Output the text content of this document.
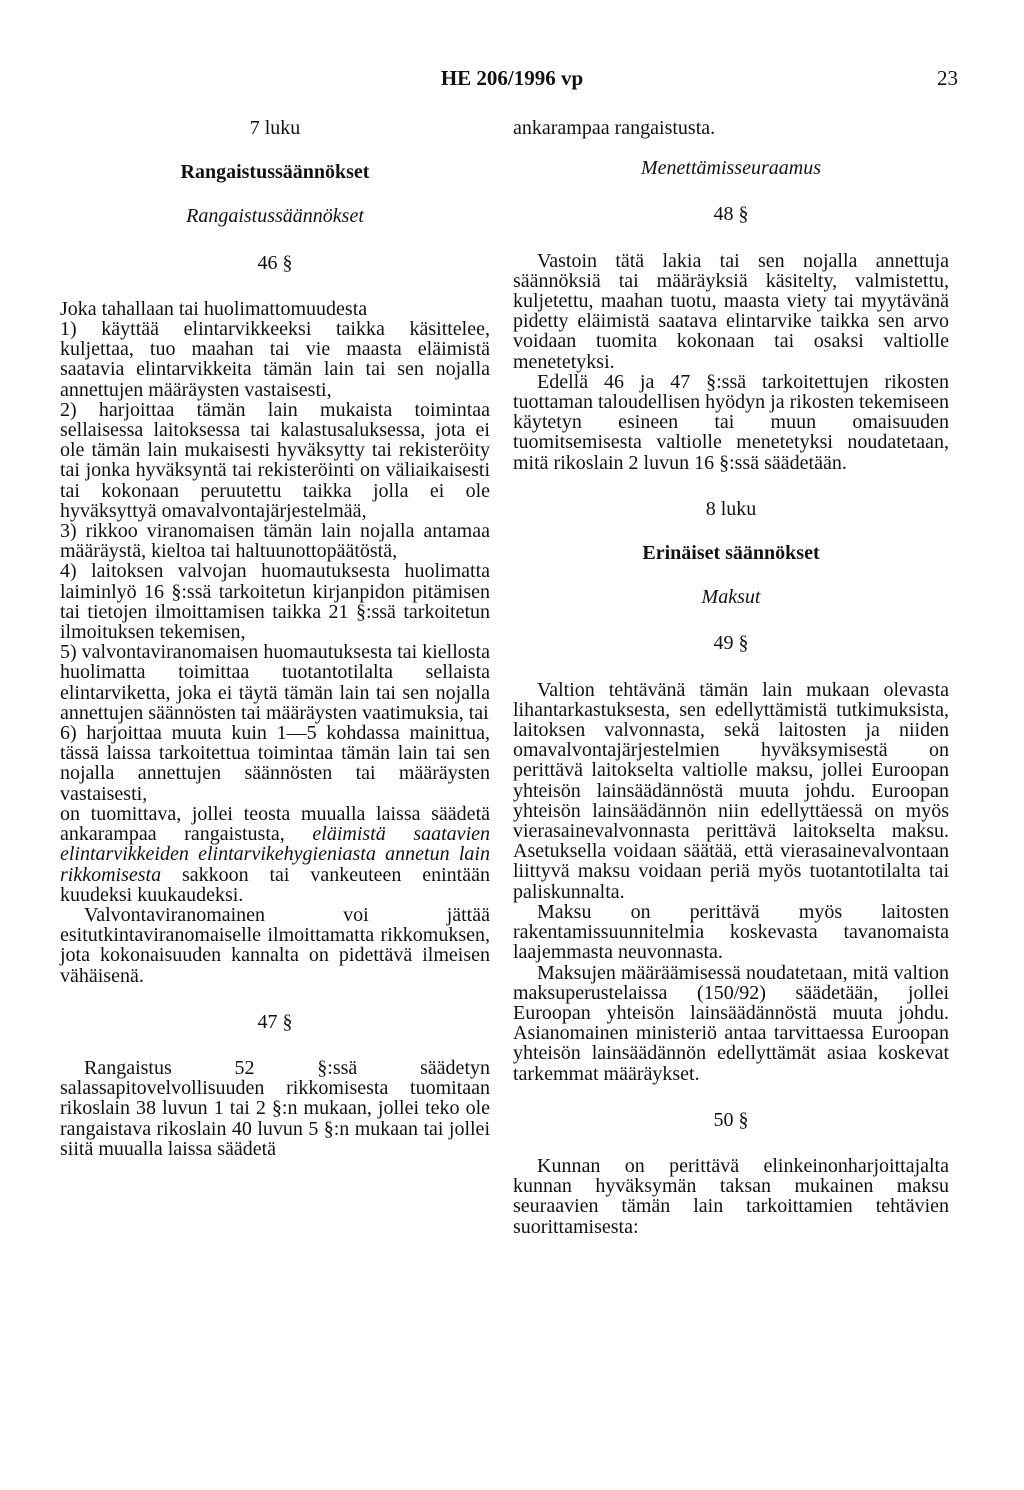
HE 206/1996 vp	23

7 luku

Rangaistussäännökset

Rangaistussäännökset

46 §

Joka tahallaan tai huolimattomuudesta

1) käyttää elintarvikkeeksi taikka käsittelee, kuljettaa, tuo maahan tai vie maasta eläimistä saatavia elintarvikkeita tämän lain tai sen nojalla annettujen määräysten vastaisesti,

2) harjoittaa tämän lain mukaista toimintaa sellaisessa laitoksessa tai kalastusaluksessa, jota ei ole tämän lain mukaisesti hyväksytty tai rekisteröity tai jonka hyväksyntä tai rekisteröinti on väliaikaisesti tai kokonaan peruutettu taikka jolla ei ole hyväksyttyä omavalvontajärjestelmää,

3) rikkoo viranomaisen tämän lain nojalla antamaa määräystä, kieltoa tai haltuunottopäätöstä,

4) laitoksen valvojan huomautuksesta huolimatta laiminlyö 16 §:ssä tarkoitetun kirjanpidon pitämisen tai tietojen ilmoittamisen taikka 21 §:ssä tarkoitetun ilmoituksen tekemisen,

5) valvontaviranomaisen huomautuksesta tai kiellosta huolimatta toimittaa tuotantotilalta sellaista elintarviketta, joka ei täytä tämän lain tai sen nojalla annettujen säännösten tai määräysten vaatimuksia, tai

6) harjoittaa muuta kuin 1—5 kohdassa mainittua, tässä laissa tarkoitettua toimintaa tämän lain tai sen nojalla annettujen säännösten tai määräysten vastaisesti,

on tuomittava, jollei teosta muualla laissa säädetä ankarampaa rangaistusta, eläimistä saatavien elintarvikkeiden elintarvikehygieniasta annetun lain rikkomisesta sakkoon tai vankeuteen enintään kuudeksi kuukaudeksi.

Valvontaviranomainen voi jättää esitutkintaviranomaiselle ilmoittamatta rikkomuksen, jota kokonaisuuden kannalta on pidettävä ilmeisen vähäisenä.

47 §

Rangaistus 52 §:ssä säädetyn salassapitovelvollisuuden rikkomisesta tuomitaan rikoslain 38 luvun 1 tai 2 §:n mukaan, jollei teko ole rangaistava rikoslain 40 luvun 5 §:n mukaan tai jollei siitä muualla laissa säädetä

ankarampaa rangaistusta.

Menettämisseuraamus

48 §

Vastoin tätä lakia tai sen nojalla annettuja säännöksiä tai määräyksiä käsitelty, valmistettu, kuljetettu, maahan tuotu, maasta viety tai myytävänä pidetty eläimistä saatava elintarvike taikka sen arvo voidaan tuomita kokonaan tai osaksi valtiolle menetetyksi.

Edellä 46 ja 47 §:ssä tarkoitettujen rikosten tuottaman taloudellisen hyödyn ja rikosten tekemiseen käytetyn esineen tai muun omaisuuden tuomitsemisesta valtiolle menetetyksi noudatetaan, mitä rikoslain 2 luvun 16 §:ssä säädetään.

8 luku

Erinäiset säännökset

Maksut

49 §

Valtion tehtävänä tämän lain mukaan olevasta lihantarkastuksesta, sen edellyttämistä tutkimuksista, laitoksen valvonnasta, sekä laitosten ja niiden omavalvontajärjestelmien hyväksymisestä on perittävä laitokselta valtiolle maksu, jollei Euroopan yhteisön lainsäädännöstä muuta johdu. Euroopan yhteisön lainsäädännön niin edellyttäessä on myös vierasainevalvonnasta perittävä laitokselta maksu. Asetuksella voidaan säätää, että vierasainevalvontaan liittyvä maksu voidaan periä myös tuotantotilalta tai paliskunnalta.

Maksu on perittävä myös laitosten rakentamissuunnitelmia koskevasta tavanomaista laajemmasta neuvonnasta.

Maksujen määräämisessä noudatetaan, mitä valtion maksuperustelaissa (150/92) säädetään, jollei Euroopan yhteisön lainsäädännöstä muuta johdu. Asianomainen ministeriö antaa tarvittaessa Euroopan yhteisön lainsäädännön edellyttämät asiaa koskevat tarkemmat määräykset.

50 §

Kunnan on perittävä elinkeinonharjoittajalta kunnan hyväksymän taksan mukainen maksu seuraavien tämän lain tarkoittamien tehtävien suorittamisesta:
